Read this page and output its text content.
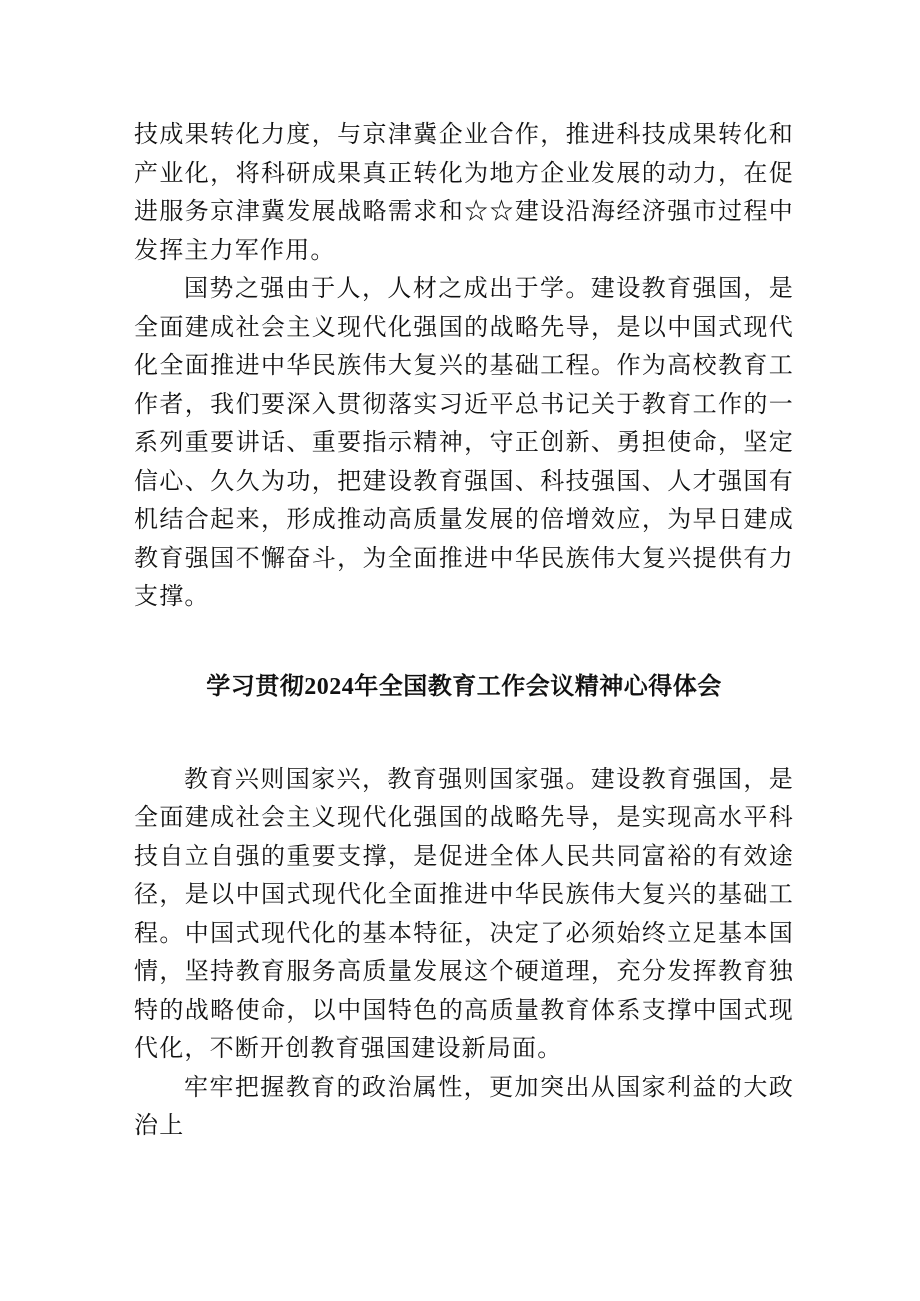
技成果转化力度，与京津冀企业合作，推进科技成果转化和产业化，将科研成果真正转化为地方企业发展的动力，在促进服务京津冀发展战略需求和☆☆建设沿海经济强市过程中发挥主力军作用。

国势之强由于人，人材之成出于学。建设教育强国，是全面建成社会主义现代化强国的战略先导，是以中国式现代化全面推进中华民族伟大复兴的基础工程。作为高校教育工作者，我们要深入贯彻落实习近平总书记关于教育工作的一系列重要讲话、重要指示精神，守正创新、勇担使命，坚定信心、久久为功，把建设教育强国、科技强国、人才强国有机结合起来，形成推动高质量发展的倍增效应，为早日建成教育强国不懈奋斗，为全面推进中华民族伟大复兴提供有力支撑。

学习贯彻2024年全国教育工作会议精神心得体会

教育兴则国家兴，教育强则国家强。建设教育强国，是全面建成社会主义现代化强国的战略先导，是实现高水平科技自立自强的重要支撑，是促进全体人民共同富裕的有效途径，是以中国式现代化全面推进中华民族伟大复兴的基础工程。中国式现代化的基本特征，决定了必须始终立足基本国情，坚持教育服务高质量发展这个硬道理，充分发挥教育独特的战略使命，以中国特色的高质量教育体系支撑中国式现代化，不断开创教育强国建设新局面。

牢牢把握教育的政治属性，更加突出从国家利益的大政治上
